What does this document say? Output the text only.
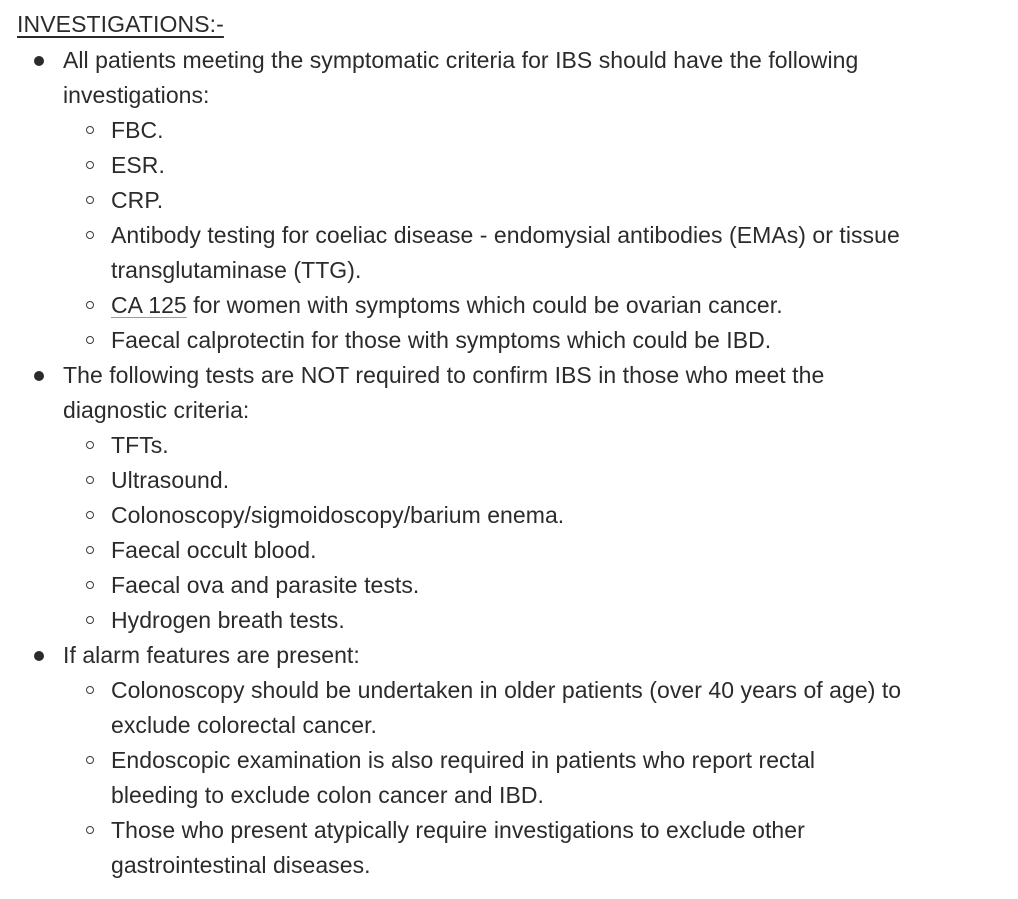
INVESTIGATIONS:-
All patients meeting the symptomatic criteria for IBS should have the following
investigations:
FBC.
ESR.
CRP.
Antibody testing for coeliac disease - endomysial antibodies (EMAs) or tissue
transglutaminase (TTG).
CA 125 for women with symptoms which could be ovarian cancer.
Faecal calprotectin for those with symptoms which could be IBD.
The following tests are NOT required to confirm IBS in those who meet the
diagnostic criteria:
TFTs.
Ultrasound.
Colonoscopy/sigmoidoscopy/barium enema.
Faecal occult blood.
Faecal ova and parasite tests.
Hydrogen breath tests.
If alarm features are present:
Colonoscopy should be undertaken in older patients (over 40 years of age) to
exclude colorectal cancer.
Endoscopic examination is also required in patients who report rectal
bleeding to exclude colon cancer and IBD.
Those who present atypically require investigations to exclude other
gastrointestinal diseases.
